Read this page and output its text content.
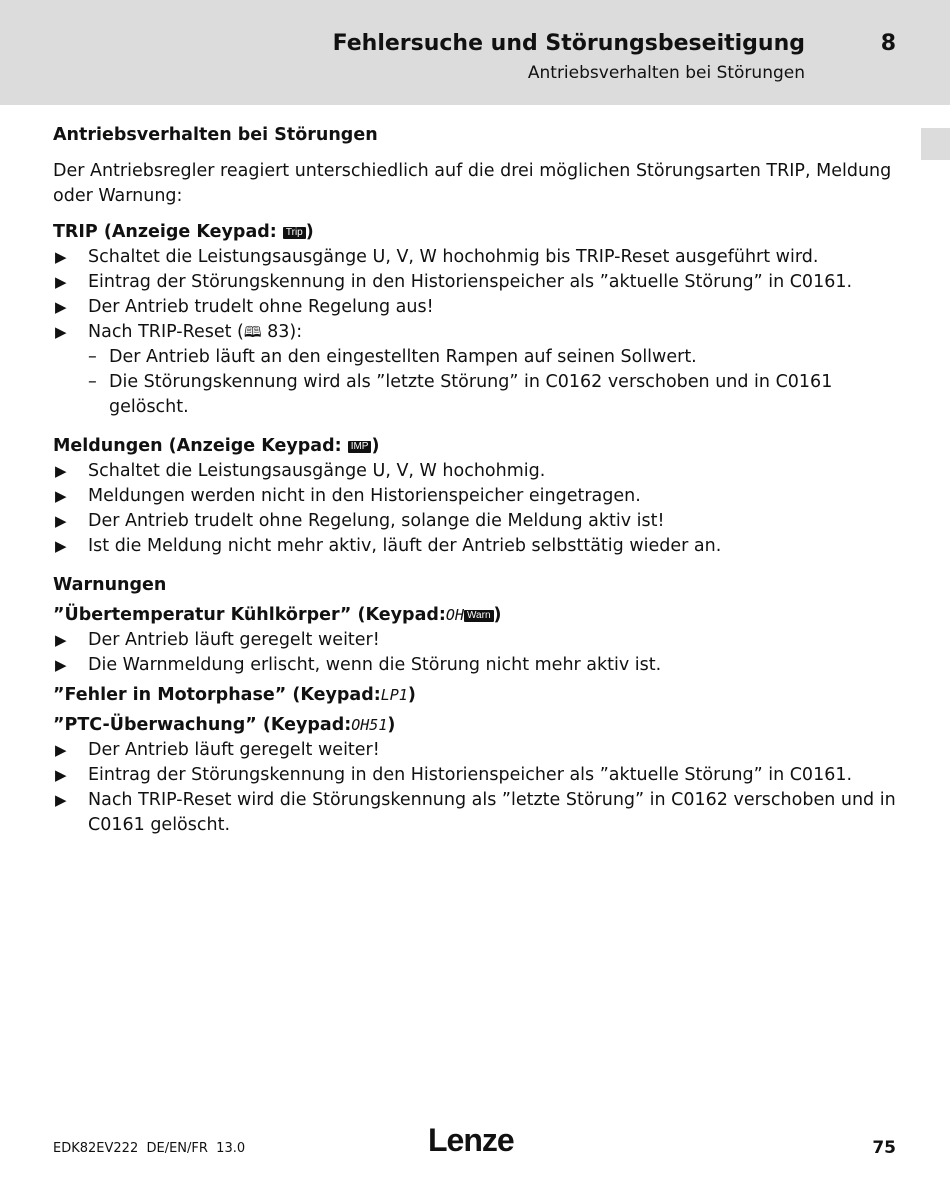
Fehlersuche und Störungsbeseitigung	8
Antriebsverhalten bei Störungen

Antriebsverhalten bei Störungen

Der Antriebsregler reagiert unterschiedlich auf die drei möglichen Störungsarten TRIP, Meldung oder Warnung:

TRIP (Anzeige Keypad: Trip )

▶ Schaltet die Leistungsausgänge U, V, W hochohmig bis TRIP-Reset ausgeführt wird.
▶ Eintrag der Störungskennung in den Historienspeicher als ”aktuelle Störung” in C0161.
▶ Der Antrieb trudelt ohne Regelung aus!
▶ Nach TRIP-Reset (🕮 83):
– Der Antrieb läuft an den eingestellten Rampen auf seinen Sollwert.
– Die Störungskennung wird als ”letzte Störung” in C0162 verschoben und in C0161 gelöscht.

Meldungen (Anzeige Keypad: IMP )

▶ Schaltet die Leistungsausgänge U, V, W hochohmig.
▶ Meldungen werden nicht in den Historienspeicher eingetragen.
▶ Der Antrieb trudelt ohne Regelung, solange die Meldung aktiv ist!
▶ Ist die Meldung nicht mehr aktiv, läuft der Antrieb selbsttätig wieder an.

Warnungen

”Übertemperatur Kühlkörper” (Keypad:OH Warn )

▶ Der Antrieb läuft geregelt weiter!
▶ Die Warnmeldung erlischt, wenn die Störung nicht mehr aktiv ist.

”Fehler in Motorphase” (Keypad:LP1)

”PTC-Überwachung” (Keypad:OH51)

▶ Der Antrieb läuft geregelt weiter!
▶ Eintrag der Störungskennung in den Historienspeicher als ”aktuelle Störung” in C0161.
▶ Nach TRIP-Reset wird die Störungskennung als ”letzte Störung” in C0162 verschoben und in C0161 gelöscht.
EDK82EV222  DE/EN/FR  13.0	Lenze	75
